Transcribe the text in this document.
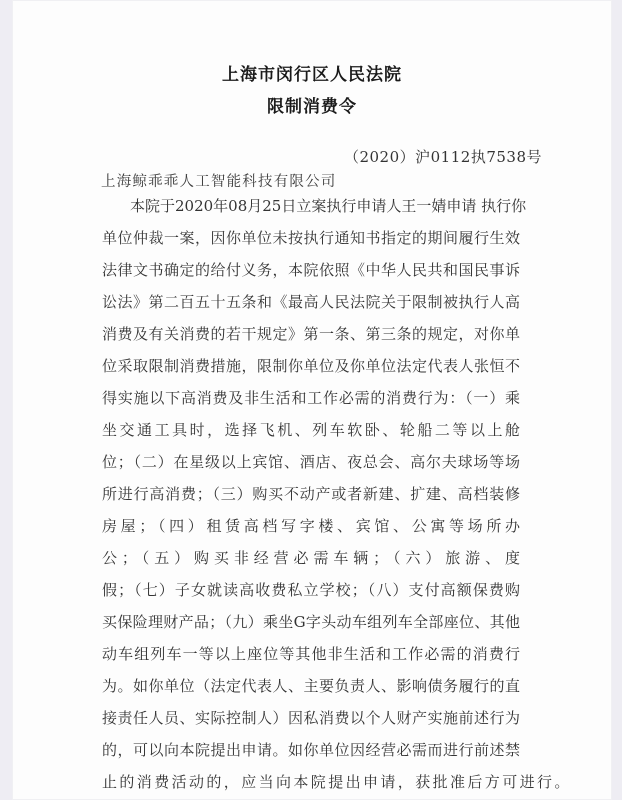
上海市闵行区人民法院
限制消费令
（2020）沪0112执7538号
上海鲸乖乖人工智能科技有限公司
本院于2020年08月25日立案执行申请人王一婧申请 执行你
单位仲裁一案，因你单位未按执行通知书指定的期间履行生效
法律文书确定的给付义务，本院依照《中华人民共和国民事诉
讼法》第二百五十五条和《最高人民法院关于限制被执行人高
消费及有关消费的若干规定》第一条、第三条的规定，对你单
位采取限制消费措施，限制你单位及你单位法定代表人张恒不
得实施以下高消费及非生活和工作必需的消费行为：（一）乘
坐交通工具时，选择飞机、列车软卧、轮船二等以上舱
位；（二）在星级以上宾馆、酒店、夜总会、高尔夫球场等场
所进行高消费；（三）购买不动产或者新建、扩建、高档装修
房屋；（四）租赁高档写字楼、宾馆、公寓等场所办
公；（五）购买非经营必需车辆；（六）旅游、度
假；（七）子女就读高收费私立学校；（八）支付高额保费购
买保险理财产品；（九）乘坐G字头动车组列车全部座位、其他
动车组列车一等以上座位等其他非生活和工作必需的消费行
为。如你单位（法定代表人、主要负责人、影响债务履行的直
接责任人员、实际控制人）因私消费以个人财产实施前述行为
的，可以向本院提出申请。如你单位因经营必需而进行前述禁
止的消费活动的，应当向本院提出申请，获批准后方可进行。
